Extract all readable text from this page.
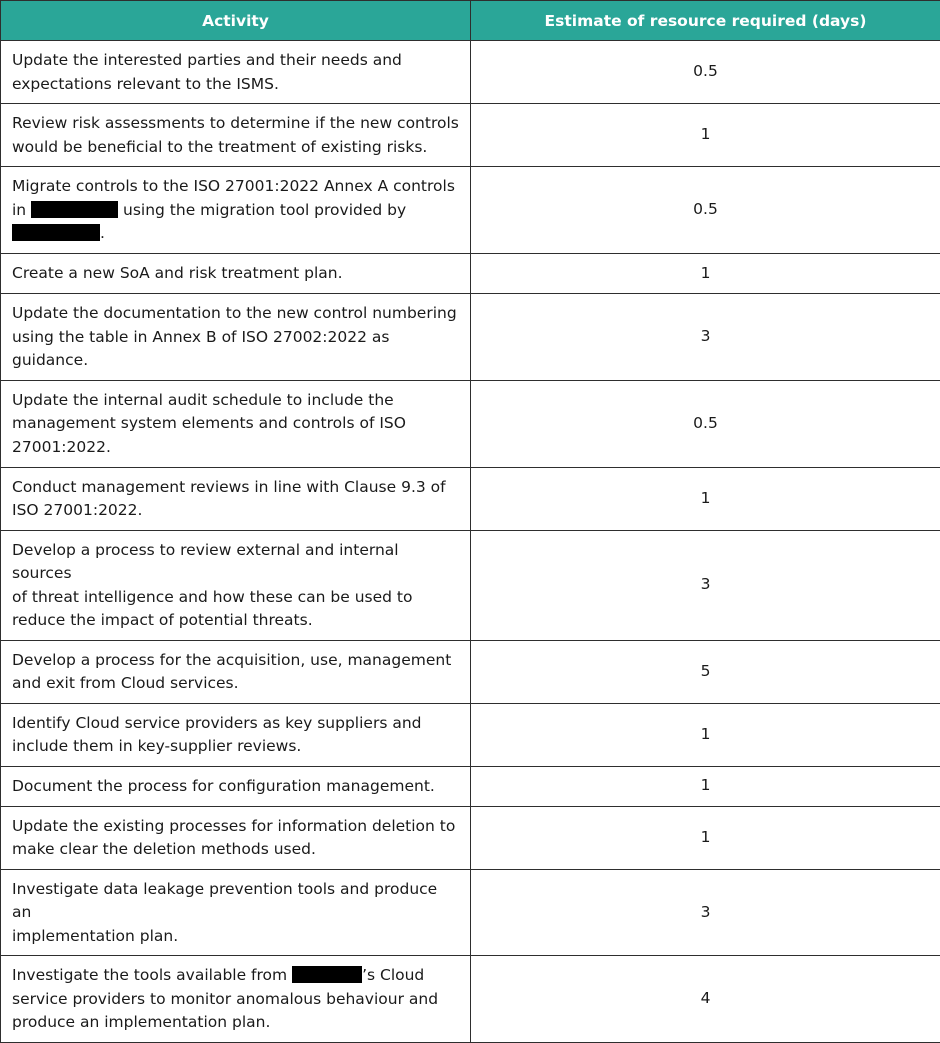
Activity	Estimate of resource required (days)
Update the interested parties and their needs and
expectations relevant to the ISMS.	0.5
Review risk assessments to determine if the new controls
would be beneficial to the treatment of existing risks.	1
Migrate controls to the ISO 27001:2022 Annex A controls
in using the migration tool provided by
.	0.5
Create a new SoA and risk treatment plan.	1
Update the documentation to the new control numbering
using the table in Annex B of ISO 27002:2022 as guidance.	3
Update the internal audit schedule to include the
management system elements and controls of ISO
27001:2022.	0.5
Conduct management reviews in line with Clause 9.3 of
ISO 27001:2022.	1
Develop a process to review external and internal sources
of threat intelligence and how these can be used to
reduce the impact of potential threats.	3
Develop a process for the acquisition, use, management
and exit from Cloud services.	5
Identify Cloud service providers as key suppliers and
include them in key-supplier reviews.	1
Document the process for configuration management.	1
Update the existing processes for information deletion to
make clear the deletion methods used.	1
Investigate data leakage prevention tools and produce an
implementation plan.	3
Investigate the tools available from ’s Cloud
service providers to monitor anomalous behaviour and
produce an implementation plan.	4
